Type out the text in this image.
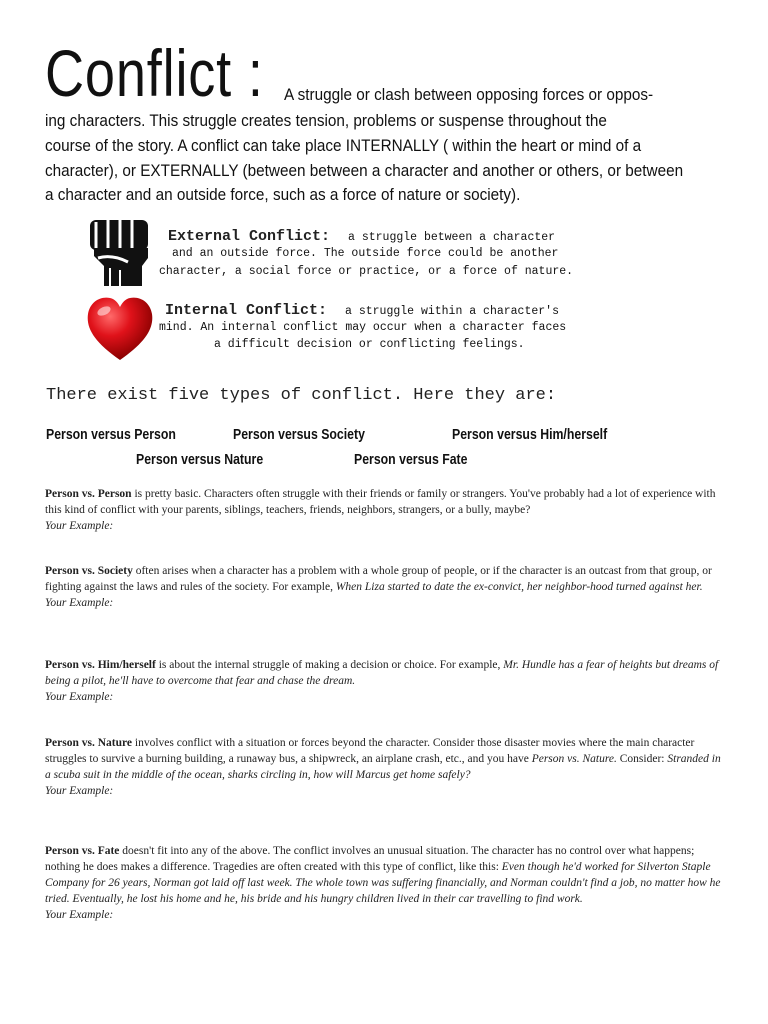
Conflict : A struggle or clash between opposing forces or oppos-
ing characters. This struggle creates tension, problems or suspense throughout the
course of the story. A conflict can take place INTERNALLY ( within the heart or mind of a
character), or EXTERNALLY (between between a character and another or others, or between
a character and an outside force, such as a force of nature or society).
External Conflict: a struggle between a character
and an outside force. The outside force could be another
character, a social force or practice, or a force of nature.
Internal Conflict: a struggle within a character's
mind. An internal conflict may occur when a character faces
a difficult decision or conflicting feelings.
There exist five types of conflict. Here they are:
Person versus Person	Person versus Society	Person versus Him/herself
Person versus Nature	Person versus Fate

Person vs. Person is pretty basic. Characters often struggle with their friends or family or strangers. You've probably had a lot of experience with this kind of conflict with your parents, siblings, teachers, friends, neighbors, strangers, or a bully, maybe?

Your Example:

Person vs. Society often arises when a character has a problem with a whole group of people, or if the character is an outcast from that group, or fighting against the laws and rules of the society. For example, When Liza started to date the ex-convict, her neighbor-hood turned against her.

Your Example:

Person vs. Him/herself is about the internal struggle of making a decision or choice. For example, Mr. Hundle has a fear of heights but dreams of being a pilot, he'll have to overcome that fear and chase the dream.

Your Example:

Person vs. Nature involves conflict with a situation or forces beyond the character. Consider those disaster movies where the main character struggles to survive a burning building, a runaway bus, a shipwreck, an airplane crash, etc., and you have Person vs. Nature. Consider: Stranded in a scuba suit in the middle of the ocean, sharks circling in, how will Marcus get home safely?

Your Example:

Person vs. Fate doesn't fit into any of the above. The conflict involves an unusual situation. The character has no control over what happens; nothing he does makes a difference. Tragedies are often created with this type of conflict, like this: Even though he'd worked for Silverton Staple Company for 26 years, Norman got laid off last week. The whole town was suffering financially, and Norman couldn't find a job, no matter how he tried. Eventually, he lost his home and he, his bride and his hungry children lived in their car travelling to find work.

Your Example:
